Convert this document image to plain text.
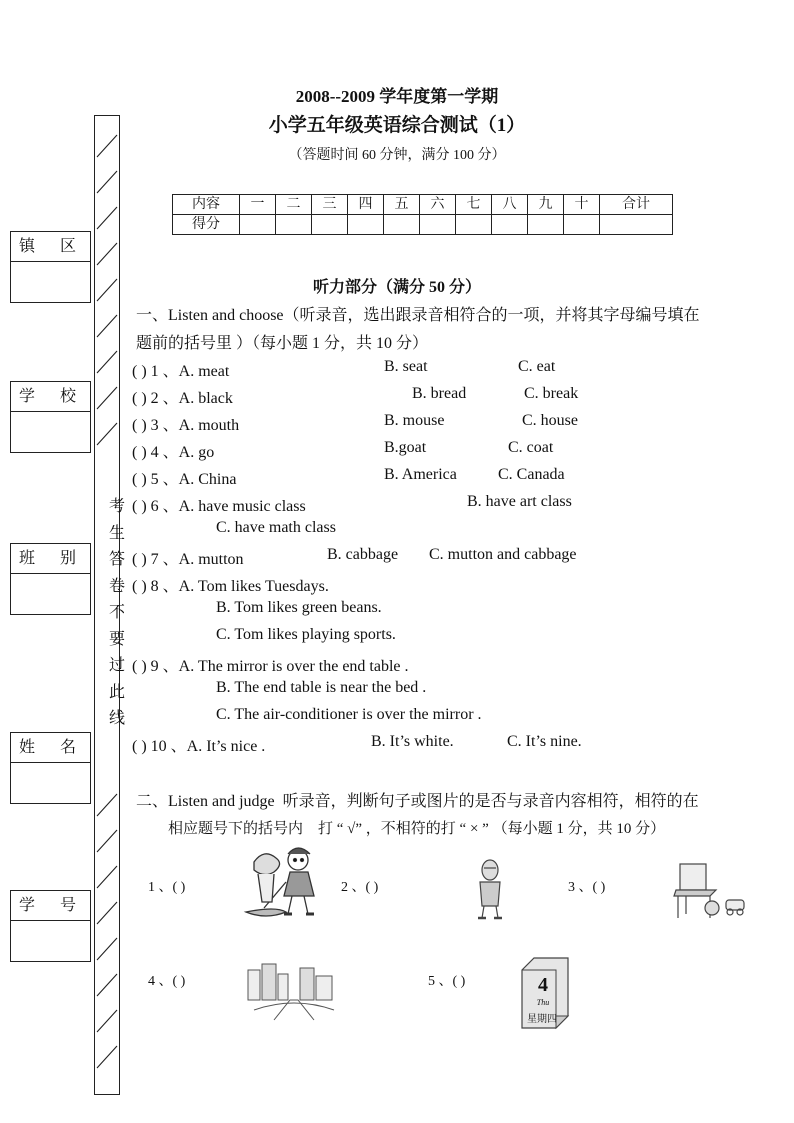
2008--2009 学年度第一学期
小学五年级英语综合测试（1）
（答题时间 60 分钟，满分 100 分）
内容	一	二	三	四	五	六	七	八	九	十	合计
得分											
镇 区
学 校
班 别
姓 名
学 号
考
生
答
卷
不
要
过
此
线
听力部分（满分 50 分）
一、Listen and choose（听录音，选出跟录音相符合的一项，并将其字母编号填在
题前的括号里 ）（每小题 1 分，共 10 分）
( ) 1 、A. meat	B. seat	C. eat
( ) 2 、A. black	B. bread	C. break
( ) 3 、A. mouth	B. mouse	C. house
( ) 4 、A. go	B.goat	C. coat
( ) 5 、A. China	B. America	C. Canada
( ) 6 、A. have music class	B. have art class
C. have math class
( ) 7 、A. mutton	B. cabbage C. mutton and cabbage
( ) 8 、A. Tom likes Tuesdays.
B. Tom likes green beans.
C. Tom likes playing sports.
( ) 9 、A. The mirror is over the end table .
B. The end table is near the bed .
C. The air-conditioner is over the mirror .
( ) 10 、A. It’s nice .	B. It’s white.	C. It’s nine.
二、Listen and judge  听录音，判断句子或图片的是否与录音内容相符，相符的在
相应题号下的括号内    打 “ √” ，不相符的打 “ × ” （每小题 1 分，共 10 分）
1 、( )	2 、( )	3 、( )
4 、( )	5 、( )	4
Thu
星期四
